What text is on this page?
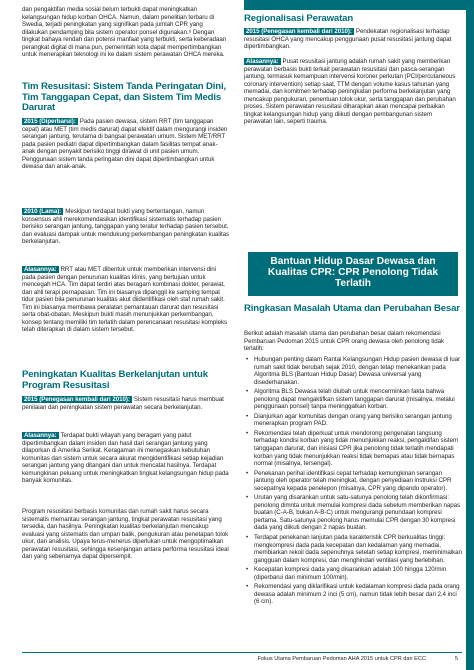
dan pengaktifan media sosial belum terbukti dapat meningkatkan kelangsungan hidup korban OHCA. Namun, dalam penelitian terbaru di Swedia, terjadi peningkatan yang signifikan pada jumlah CPR yang dilakukan pendamping bila sistem operator ponsel digunakan.⁸ Dengan tingkat bahaya rendah dan potensi manfaat yang terbukti, serta keberadaan perangkat digital di mana pun, pemerintah kota dapat mempertimbangkan untuk menerapkan teknologi ini ke dalam sistem perawatan OHCA mereka.

Tim Resusitasi: Sistem Tanda Peringatan Dini, Tim Tanggapan Cepat, dan Sistem Tim Medis Darurat

2015 (Diperbarui): Pada pasien dewasa, sistem RRT (tim tanggapan cepat) atau MET (tim medis darurat) dapat efektif dalam mengurangi insiden serangan jantung, terutama di bangsal perawatan umum. Sistem MET/RRT pada pasien pediatri dapat dipertimbangkan dalam fasilitas tempat anak-anak dengan penyakit berisiko tinggi dirawat di unit pasien umum. Penggunaan sistem tanda peringatan dini dapat dipertimbangkan untuk dewasa dan anak-anak.

2010 (Lama): Meskipun terdapat bukti yang bertentangan, namun konsensus ahli merekomendasikan identifikasi sistematis terhadap pasien berisiko serangan jantung, tanggapan yang teratur terhadap pasien tersebut, dan evaluasi dampak untuk mendukung perkembangan peningkatan kualitas berkelanjutan.

Alasannya: RRT atau MET dibentuk untuk memberikan intervensi dini pada pasien dengan penurunan kualitas klinis, yang bertujuan untuk mencegah HCA. Tim dapat terdiri atas beragam kombinasi dokter, perawat, dan ahli terapi pernapasan. Tim ini biasanya dipanggil ke samping tempat tidur pasien bila penurunan kualitas akut diidentifikasi oleh staf rumah sakit. Tim ini biasanya membawa peralatan pemantauan darurat dan resusitasi serta obat-obatan. Meskipun bukti masih menunjukkan perkembangan, konsep tentang memiliki tim terlatih dalam perencanaan resusitasi kompleks telah diterapkan di dalam sistem tersebut.

Peningkatan Kualitas Berkelanjutan untuk Program Resusitasi

2015 (Penegasan kembali dari 2010): Sistem resusitasi harus membuat penilaian dan peningkatan sistem perawatan secara berkelanjutan.

Alasannya: Terdapat bukti wilayah yang beragam yang patut dipertimbangkan dalam insiden dan hasil dari serangan jantung yang dilaporkan di Amerika Serikat. Keragaman ini menegaskan kebutuhan komunitas dan sistem untuk secara akurat mengidentifikasi setiap kejadian serangan jantung yang ditangani dan untuk mencatat hasilnya. Terdapat kemungkinan peluang untuk meningkatkan tingkat kelangsungan hidup pada banyak komunitas.

Program resusitasi berbasis komunitas dan rumah sakit harus secara sistematis memantau serangan jantung, tingkat perawatan resusitasi yang tersedia, dan hasilnya. Peningkatan kualitas berkelanjutan mencakup evaluasi yang sistematis dan umpan balik, pengukuran atau penetapan tolok ukur, dan analisis. Upaya terus-menerus diperlukan untuk mengoptimalkan perawatan resusitasi, sehingga kesenjangan antara performa resusitasi ideal dan yang sebenarnya dapat dipersempit.

Regionalisasi Perawatan

2015 (Penegasan kembali dari 2010): Pendekatan regionalisasi terhadap resusitasi OHCA yang mencakup penggunaan pusat resusitasi jantung dapat dipertimbangkan.

Alasannya: Pusat resusitasi jantung adalah rumah sakit yang memberikan perawatan berbasis bukti terkait perawatan resusitasi dan pasca-serangan jantung, termasuk kemampuan intervensi koroner perkutan (PCI/percutaneous coronary intervention) setiap saat, TTM dengan volume kasus tahunan yang memadai, dan komitmen terhadap peningkatan performa berkelanjutan yang mencakup pengukuran, penentuan tolok ukur, serta tanggapan dan perubahan proses. Sistem perawatan resusitasi diharapkan akan mencapai perbaikan tingkat kelangsungan hidup yang diikuti dengan pembangunan sistem perawatan lain, seperti trauma.

Ringkasan Masalah Utama dan Perubahan Besar

Berikut adalah masalah utama dan perubahan besar dalam rekomendasi Pembaruan Pedoman 2015 untuk CPR orang dewasa oleh penolong tidak terlatih:

• Hubungan penting dalam Rantai Kelangsungan Hidup pasien dewasa di luar rumah sakit tidak berubah sejak 2010, dengan tetap menekankan pada Algoritma BLS (Bantuan Hidup Dasar) Dewasa universal yang disederhanakan.
• Algoritma BLS Dewasa telah diubah untuk mencerminkan fakta bahwa penolong dapat mengaktifkan sistem tanggapan darurat (misalnya, melalui penggunaan ponsel) tanpa meninggalkan korban.
• Dianjurkan agar komunitas dengan orang yang berisiko serangan jantung menerapkan program PAD.
• Rekomendasi telah diperkuat untuk mendorong pengenalan langsung terhadap kondisi korban yang tidak menunjukkan reaksi, pengaktifan sistem tanggapan darurat, dan inisiasi CPR jika penolong tidak terlatih mendapati korban yang tidak menunjukkan reaksi tidak bernapas atau tidak bernapas normal (misalnya, tersengal).
• Penekanan perihal identifikasi cepat terhadap kemungkinan serangan jantung oleh operator telah meningkat, dengan penyediaan instruksi CPR secepatnya kepada penelepon (misalnya, CPR yang dipandu operator).
• Urutan yang disarankan untuk satu-satunya penolong telah dikonfirmasi: penolong dimnta untuk memulai kompresi dada sebelum memberikan napas buatan (C-A-B, bukan A-B-C) untuk mengurangi penundaan kompresi pertama. Satu-satunya penolong harus memulai CPR dengan 30 kompresi dada yang diikuti dengan 2 napas buatan.
• Terdapat penekanan lanjutan pada karakteristik CPR berkualitas tinggi: mengkompresi dada pada kecepatan dan kedalaman yang memadai, membiarkan rekoil dada sepenuhnya setelah setiap kompresi, meminimalkan gangguan dalam kompresi, dan menghindari ventilasi yang berlebihan.
• Kecepatan kompresi dada yang disarankan adalah 100 hingga 120/min (diperbarui dari minimum 100/min).
• Rekomendasi yang diklarifikasi untuk kedalaman kompresi dada pada orang dewasa adalah minimum 2 inci (5 cm), namun tidak lebih besar dari 2,4 inci (6 cm).
Bantuan Hidup Dasar Dewasa dan Kualitas CPR: CPR Penolong Tidak Terlatih
Fokus Utama Pembaruan Pedoman AHA 2015 untuk CPR dan ECC	5
